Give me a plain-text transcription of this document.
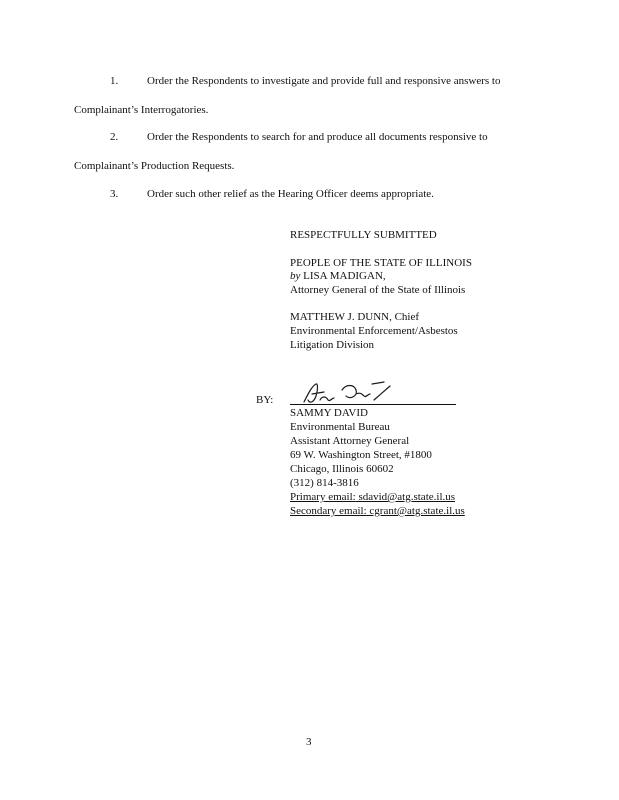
1.	Order the Respondents to investigate and provide full and responsive answers to
Complainant’s Interrogatories.
2.	Order the Respondents to search for and produce all documents responsive to
Complainant’s Production Requests.
3.	Order such other relief as the Hearing Officer deems appropriate.
RESPECTFULLY SUBMITTED
PEOPLE OF THE STATE OF ILLINOIS
by LISA MADIGAN,
Attorney General of the State of Illinois
MATTHEW J. DUNN, Chief
Environmental Enforcement/Asbestos
Litigation Division
BY:
SAMMY DAVID
Environmental Bureau
Assistant Attorney General
69 W. Washington Street, #1800
Chicago, Illinois 60602
(312) 814-3816
Primary email: sdavid@atg.state.il.us
Secondary email: cgrant@atg.state.il.us
3
